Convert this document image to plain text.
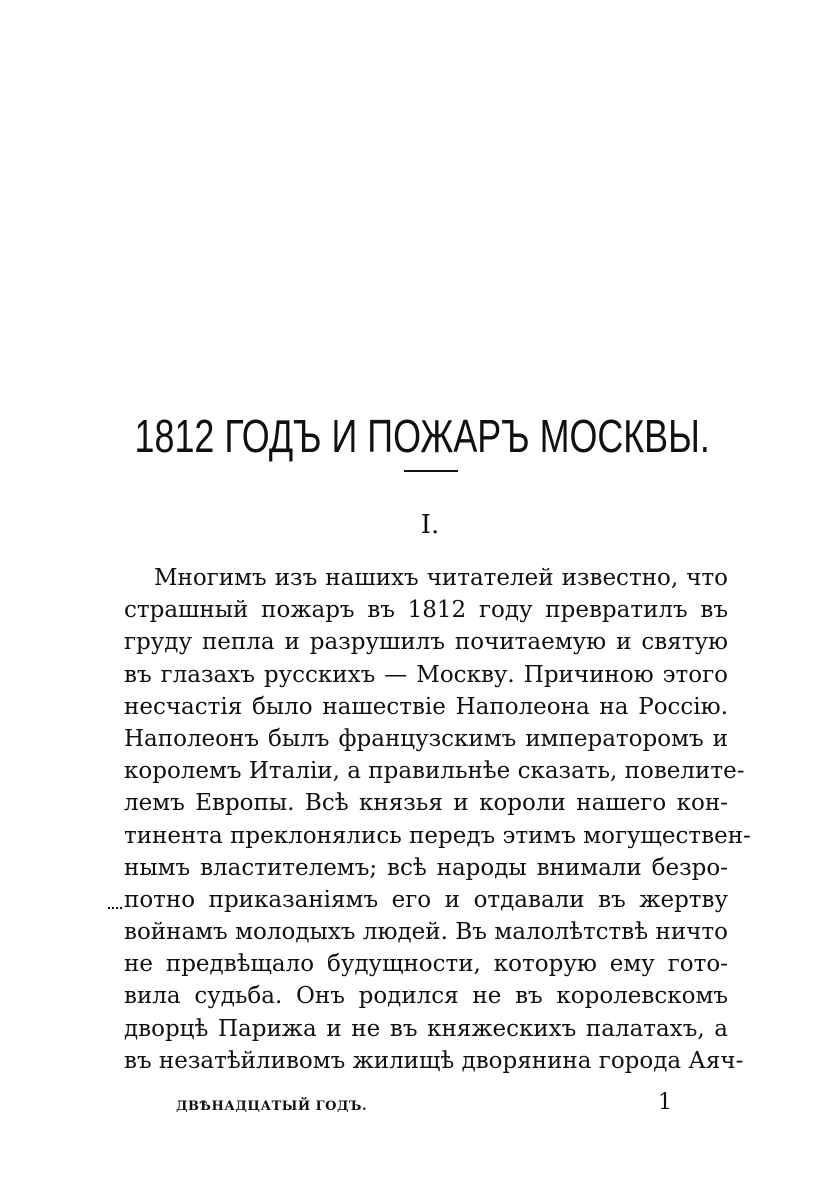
1812 ГОДЪ И ПОЖАРЪ МОСКВЫ.
I.
Многимъ изъ нашихъ читателей известно, что
страшный пожаръ въ 1812 году превратилъ въ
груду пепла и разрушилъ почитаемую и святую
въ глазахъ русскихъ — Москву. Причиною этого
несчастія было нашествіе Наполеона на Россію.
Наполеонъ былъ французскимъ императоромъ и
королемъ Италіи, а правильнѣе сказать, повелите-
лемъ Европы. Всѣ князья и короли нашего кон-
тинента преклонялись передъ этимъ могуществен-
нымъ властителемъ; всѣ народы внимали безро-
потно приказаніямъ его и отдавали въ жертву
войнамъ молодыхъ людей. Въ малолѣтствѣ ничто
не предвѣщало будущности, которую ему гото-
вила судьба. Онъ родился не въ королевскомъ
дворцѣ Парижа и не въ княжескихъ палатахъ, а
въ незатѣйливомъ жилищѣ дворянина города Аяч-
ДВѢНАДЦАТЫЙ ГОДЪ.	1
